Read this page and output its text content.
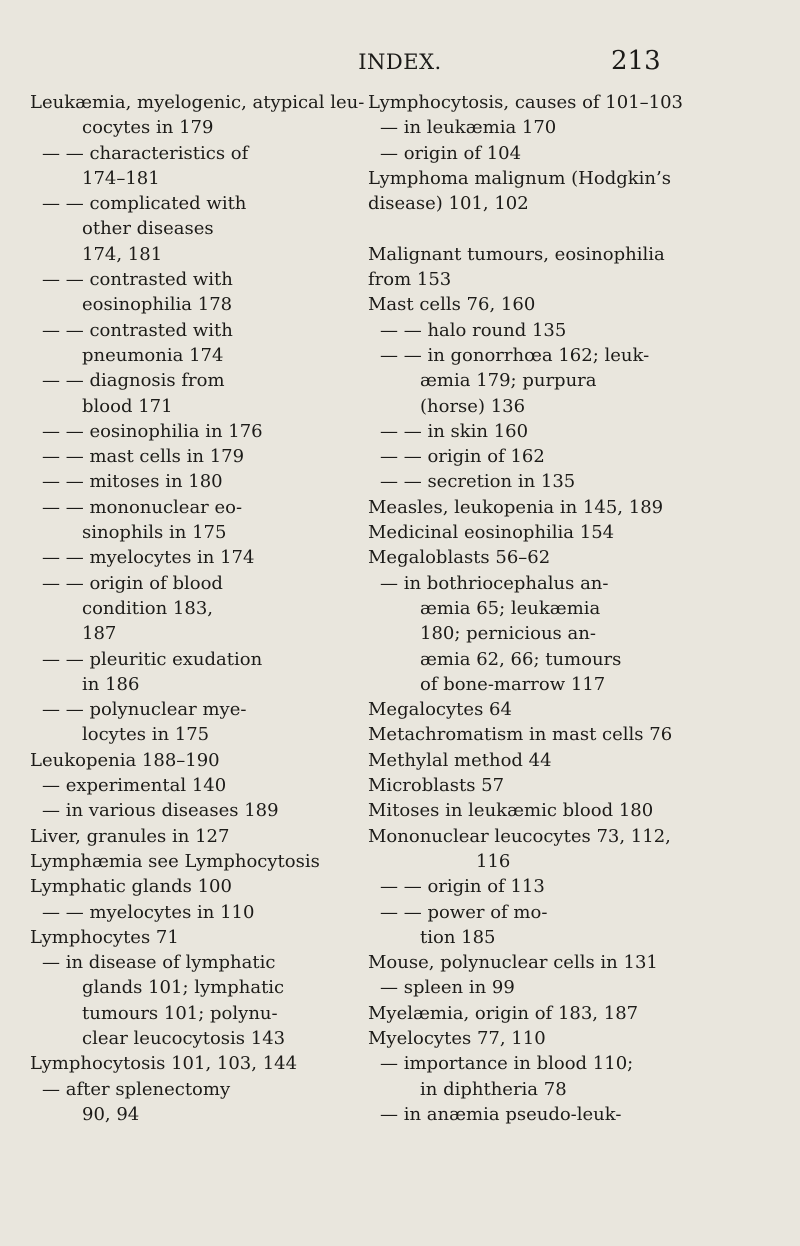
INDEX.	213
Leukæmia, myelogenic, atypical leu-
cocytes in 179
— — characteristics of
174–181
— — complicated with
other diseases
174, 181
— — contrasted with
eosinophilia 178
— — contrasted with
pneumonia 174
— — diagnosis from
blood 171
— — eosinophilia in 176
— — mast cells in 179
— — mitoses in 180
— — mononuclear eo-
sinophils in 175
— — myelocytes in 174
— — origin of blood
condition 183,
187
— — pleuritic exudation
in 186
— — polynuclear mye-
locytes in 175
Leukopenia 188–190
— experimental 140
— in various diseases 189
Liver, granules in 127
Lymphæmia see Lymphocytosis
Lymphatic glands 100
— — myelocytes in 110
Lymphocytes 71
— in disease of lymphatic
glands 101; lymphatic
tumours 101; polynu-
clear leucocytosis 143
Lymphocytosis 101, 103, 144
— after splenectomy
90, 94
Lymphocytosis, causes of 101–103
— in leukæmia 170
— origin of 104
Lymphoma malignum (Hodgkin’s
disease) 101, 102
Malignant tumours, eosinophilia
from 153
Mast cells 76, 160
— — halo round 135
— — in gonorrhœa 162; leuk-
æmia 179; purpura
(horse) 136
— — in skin 160
— — origin of 162
— — secretion in 135
Measles, leukopenia in 145, 189
Medicinal eosinophilia 154
Megaloblasts 56–62
— in bothriocephalus an-
æmia 65; leukæmia
180; pernicious an-
æmia 62, 66; tumours
of bone-marrow 117
Megalocytes 64
Metachromatism in mast cells 76
Methylal method 44
Microblasts 57
Mitoses in leukæmic blood 180
Mononuclear leucocytes 73, 112,
116
— — origin of 113
— — power of mo-
tion 185
Mouse, polynuclear cells in 131
— spleen in 99
Myelæmia, origin of 183, 187
Myelocytes 77, 110
— importance in blood 110;
in diphtheria 78
— in anæmia pseudo-leuk-
